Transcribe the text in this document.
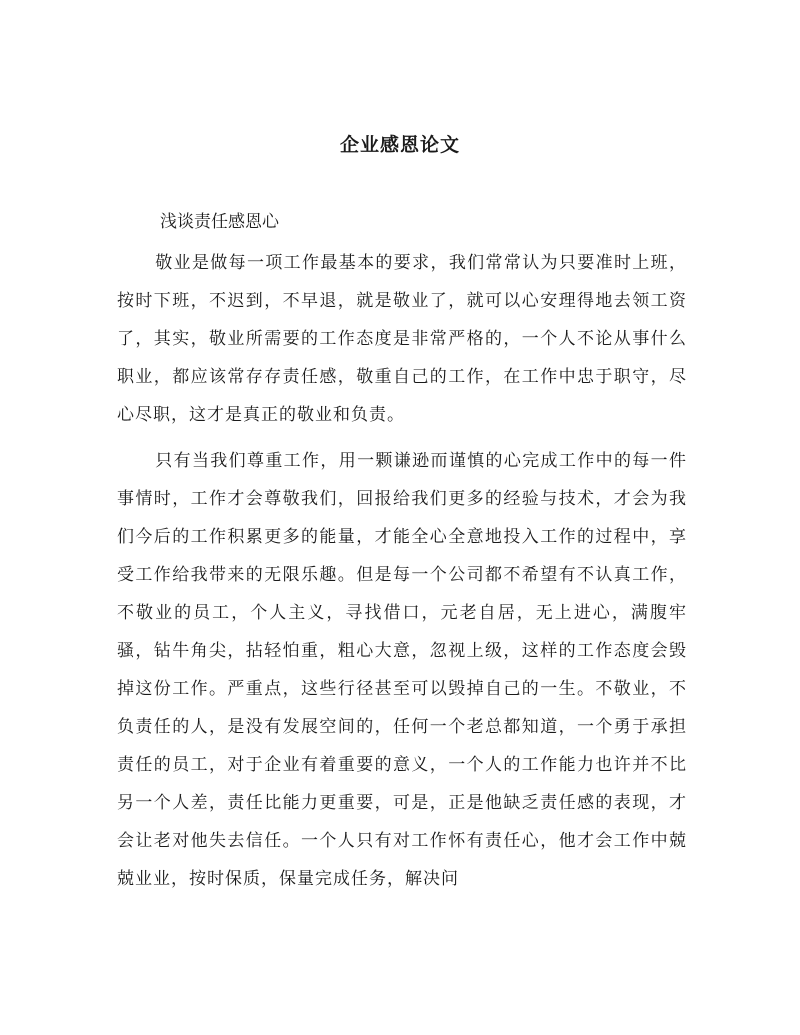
企业感恩论文
浅谈责任感恩心

敬业是做每一项工作最基本的要求，我们常常认为只要准时上班，按时下班，不迟到，不早退，就是敬业了，就可以心安理得地去领工资了，其实，敬业所需要的工作态度是非常严格的，一个人不论从事什么职业，都应该常存存责任感，敬重自己的工作，在工作中忠于职守，尽心尽职，这才是真正的敬业和负责。

只有当我们尊重工作，用一颗谦逊而谨慎的心完成工作中的每一件事情时，工作才会尊敬我们，回报给我们更多的经验与技术，才会为我们今后的工作积累更多的能量，才能全心全意地投入工作的过程中，享受工作给我带来的无限乐趣。但是每一个公司都不希望有不认真工作，不敬业的员工，个人主义，寻找借口，元老自居，无上进心，满腹牢骚，钻牛角尖，拈轻怕重，粗心大意，忽视上级，这样的工作态度会毁掉这份工作。严重点，这些行径甚至可以毁掉自己的一生。不敬业，不负责任的人，是没有发展空间的，任何一个老总都知道，一个勇于承担责任的员工，对于企业有着重要的意义，一个人的工作能力也许并不比另一个人差，责任比能力更重要，可是，正是他缺乏责任感的表现，才会让老对他失去信任。一个人只有对工作怀有责任心，他才会工作中兢兢业业，按时保质，保量完成任务，解决问
